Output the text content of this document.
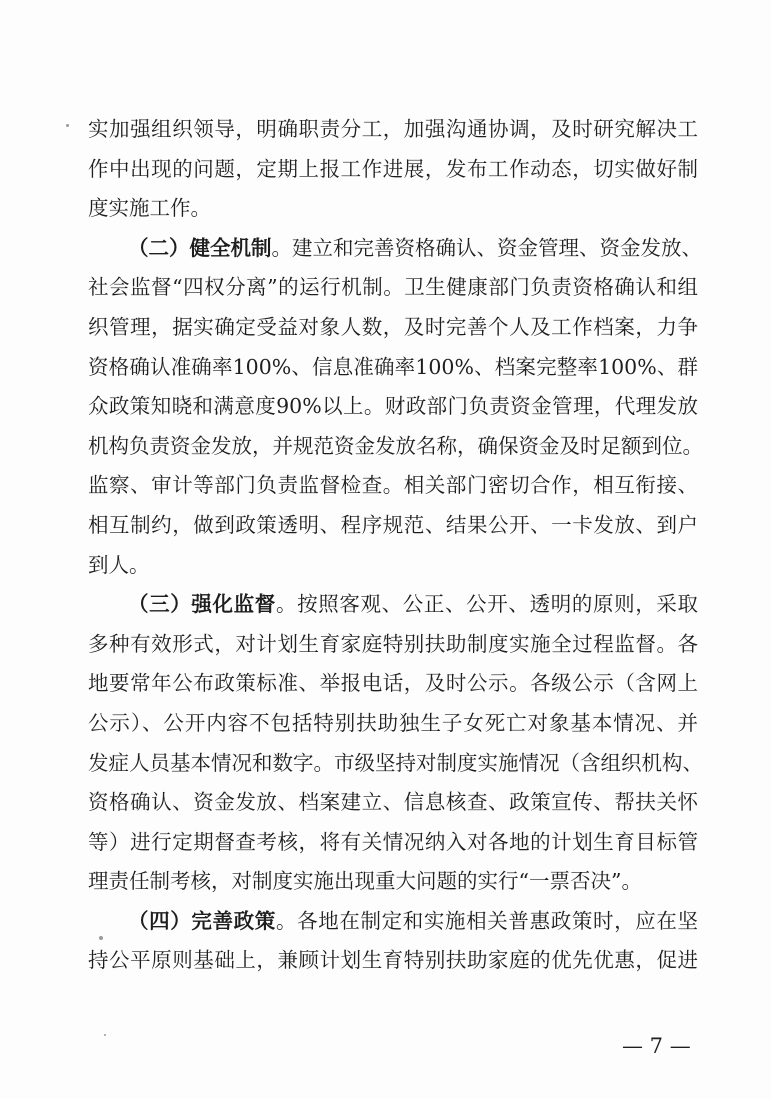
实加强组织领导，明确职责分工，加强沟通协调，及时研究解决工
作中出现的问题，定期上报工作进展，发布工作动态，切实做好制
度实施工作。
（二）健全机制。建立和完善资格确认、资金管理、资金发放、
社会监督“四权分离”的运行机制。卫生健康部门负责资格确认和组
织管理，据实确定受益对象人数，及时完善个人及工作档案，力争
资格确认准确率100%、信息准确率100%、档案完整率100%、群
众政策知晓和满意度90%以上。财政部门负责资金管理，代理发放
机构负责资金发放，并规范资金发放名称，确保资金及时足额到位。
监察、审计等部门负责监督检查。相关部门密切合作，相互衔接、
相互制约，做到政策透明、程序规范、结果公开、一卡发放、到户
到人。
（三）强化监督。按照客观、公正、公开、透明的原则，采取
多种有效形式，对计划生育家庭特别扶助制度实施全过程监督。各
地要常年公布政策标准、举报电话，及时公示。各级公示（含网上
公示）、公开内容不包括特别扶助独生子女死亡对象基本情况、并
发症人员基本情况和数字。市级坚持对制度实施情况（含组织机构、
资格确认、资金发放、档案建立、信息核查、政策宣传、帮扶关怀
等）进行定期督查考核，将有关情况纳入对各地的计划生育目标管
理责任制考核，对制度实施出现重大问题的实行“一票否决”。
（四）完善政策。各地在制定和实施相关普惠政策时，应在坚
持公平原则基础上，兼顾计划生育特别扶助家庭的优先优惠，促进
— 7 —
